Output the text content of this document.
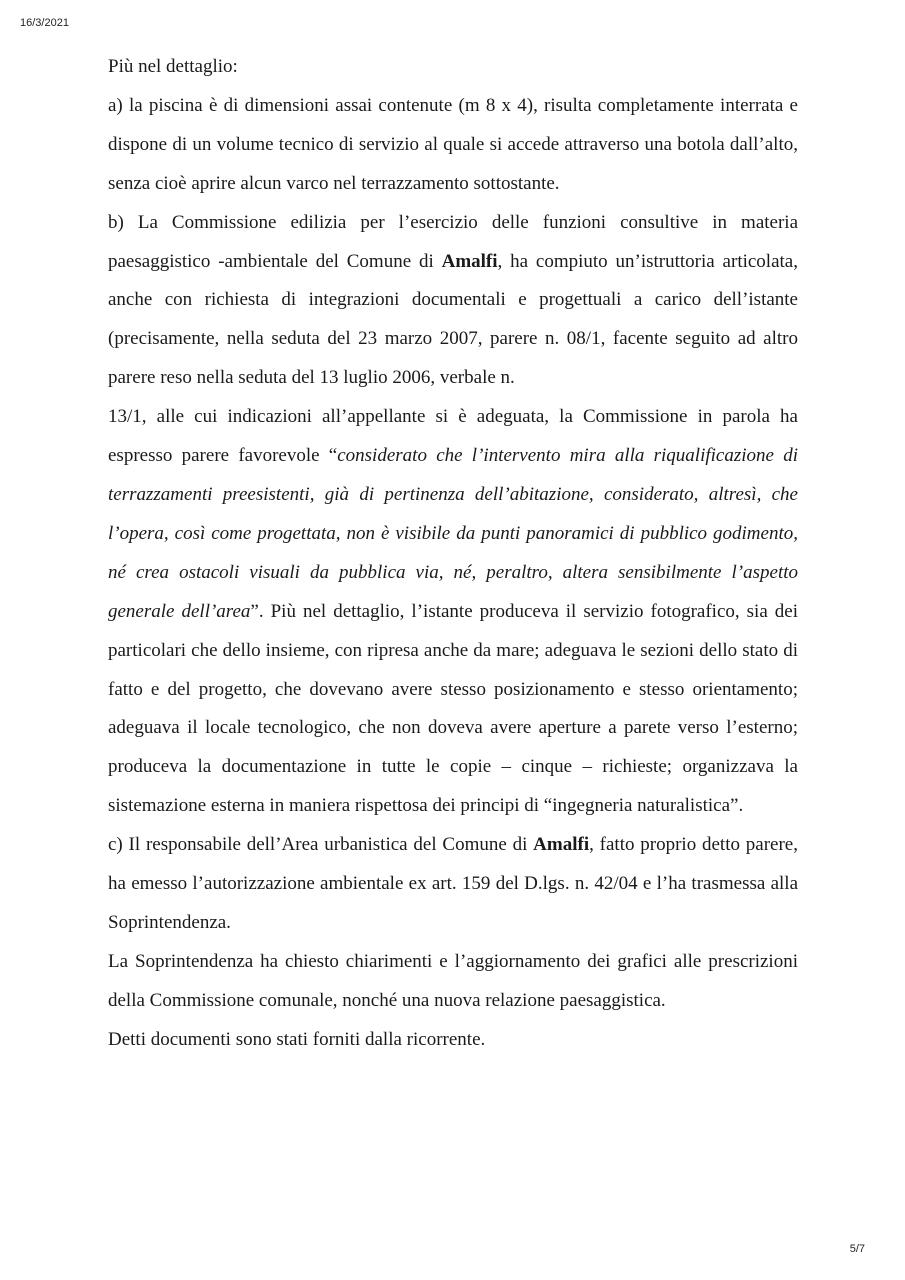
16/3/2021

Più nel dettaglio:

a) la piscina è di dimensioni assai contenute (m 8 x 4), risulta completamente interrata e dispone di un volume tecnico di servizio al quale si accede attraverso una botola dall’alto, senza cioè aprire alcun varco nel terrazzamento sottostante.

b) La Commissione edilizia per l’esercizio delle funzioni consultive in materia paesaggistico -ambientale del Comune di Amalfi, ha compiuto un’istruttoria articolata, anche con richiesta di integrazioni documentali e progettuali a carico dell’istante (precisamente, nella seduta del 23 marzo 2007, parere n. 08/1, facente seguito ad altro parere reso nella seduta del 13 luglio 2006, verbale n.

13/1, alle cui indicazioni all’appellante si è adeguata, la Commissione in parola ha espresso parere favorevole “considerato che l’intervento mira alla riqualificazione di terrazzamenti preesistenti, già di pertinenza dell’abitazione, considerato, altresì, che l’opera, così come progettata, non è visibile da punti panoramici di pubblico godimento, né crea ostacoli visuali da pubblica via, né, peraltro, altera sensibilmente l’aspetto generale dell’area”. Più nel dettaglio, l’istante produceva il servizio fotografico, sia dei particolari che dello insieme, con ripresa anche da mare; adeguava le sezioni dello stato di fatto e del progetto, che dovevano avere stesso posizionamento e stesso orientamento; adeguava il locale tecnologico, che non doveva avere aperture a parete verso l’esterno; produceva la documentazione in tutte le copie – cinque – richieste; organizzava la sistemazione esterna in maniera rispettosa dei principi di “ingegneria naturalistica”.

c) Il responsabile dell’Area urbanistica del Comune di Amalfi, fatto proprio detto parere, ha emesso l’autorizzazione ambientale ex art. 159 del D.lgs. n. 42/04 e l’ha trasmessa alla Soprintendenza.

La Soprintendenza ha chiesto chiarimenti e l’aggiornamento dei grafici alle prescrizioni della Commissione comunale, nonché una nuova relazione paesaggistica.

Detti documenti sono stati forniti dalla ricorrente.

5/7
